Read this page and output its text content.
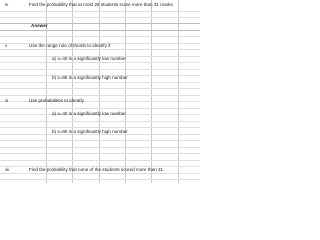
iv	Find the probability that at most 25 students score more than 31 marks
Answer
v	Use the range rule of thumb to identify if
a) x=40 is a significantly low number
b) x=85 is a significantly high number
vi	Use probabilities to identify
a) x=40 is a significantly low number
b) x=85 is a significantly high number
vii	Find the probability that none of the students scored more than 31.
